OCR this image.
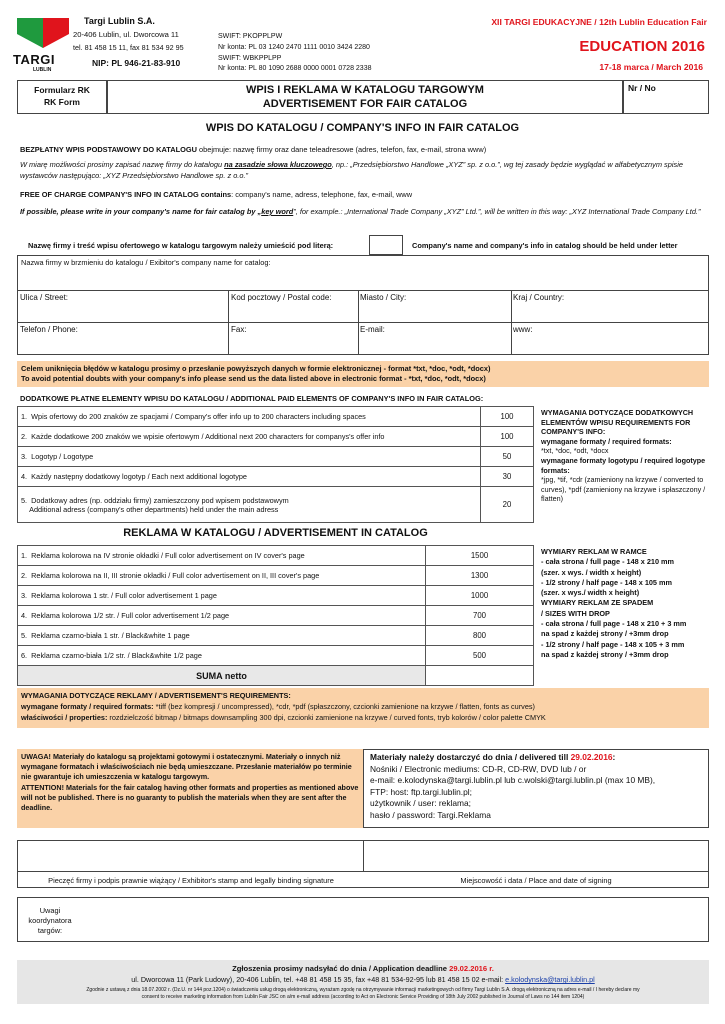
TARGI
LUBLIN
Targi Lublin S.A.
20-406 Lublin, ul. Dworcowa 11
tel. 81 458 15 11, fax 81 534 92 95
NIP: PL 946-21-83-910
SWIFT: PKOPPLPW
Nr konta: PL 03 1240 2470 1111 0010 3424 2280
SWIFT: WBKPPLPP
Nr konta: PL 80 1090 2688 0000 0001 0728 2338
XII TARGI EDUKACYJNE / 12th Lublin Education Fair
EDUCATION 2016
17-18 marca / March 2016
Formularz RK
RK Form
WPIS I REKLAMA W KATALOGU TARGOWYM
ADVERTISEMENT FOR FAIR CATALOG
Nr / No
WPIS DO KATALOGU / COMPANY'S INFO IN FAIR CATALOG
BEZPŁATNY WPIS PODSTAWOWY DO KATALOGU obejmuje: nazwę firmy oraz dane teleadresowe (adres, telefon, fax, e-mail, strona www)
W miarę możliwości prosimy zapisać nazwę firmy do katalogu na zasadzie słowa kluczowego, np.: „Przedsiębiorstwo Handlowe „XYZ” sp. z o.o.”, wg tej zasady będzie wyglądać w alfabetycznym spisie wystawców następująco: „XYZ Przedsiębiorstwo Handlowe sp. z o.o.”
FREE OF CHARGE COMPANY'S INFO IN CATALOG contains: company's name, adress, telephone, fax, e-mail, www
If possible, please write in your company's name for fair catalog by „key word”, for example.: „International Trade Company „XYZ” Ltd.”, will be written in this way: „XYZ International Trade Company Ltd.”
Nazwę firmy i treść wpisu ofertowego w katalogu targowym należy umieścić pod literą:	Company's name and company's info in catalog should be held under letter
Nazwa firmy w brzmieniu do katalogu / Exibitor's company name for catalog:
Ulica / Street:	Kod pocztowy / Postal code:	Miasto / City:	Kraj / Country:
Telefon / Phone:	Fax:	E-mail:	www:
Celem uniknięcia błędów w katalogu prosimy o przesłanie powyższych danych w formie elektronicznej - format *txt, *doc, *odt, *docx)
To avoid potential doubts with your company's info please send us the data listed above in electronic format - *txt, *doc, *odt, *docx)
DODATKOWE PŁATNE ELEMENTY WPISU DO KATALOGU / ADDITIONAL PAID ELEMENTS OF COMPANY'S INFO IN FAIR CATALOG:
1. Wpis ofertowy do 200 znaków ze spacjami / Company's offer info up to 200 characters including spaces	100
2. Każde dodatkowe 200 znaków we wpisie ofertowym / Additional next 200 characters for companys's offer info	100
3. Logotyp / Logotype	50
4. Każdy następny dodatkowy logotyp / Each next additional logotype	30
5. Dodatkowy adres (np. oddziału firmy) zamieszczony pod wpisem podstawowym
Additional adress (company's other departments) held under the main adress	20
WYMAGANIA DOTYCZĄCE DODATKOWYCH ELEMENTÓW WPISU REQUIREMENTS FOR COMPANY'S INFO:
wymagane formaty / required formats:
*txt, *doc, *odt, *docx
wymagane formaty logotypu / required logotype formats:
*jpg, *tif, *cdr (zamieniony na krzywe / converted to curves), *pdf (zamieniony na krzywe i spłaszczony / flatten)
REKLAMA W KATALOGU / ADVERTISEMENT IN CATALOG
1. Reklama kolorowa na IV stronie okładki / Full color advertisement on IV cover's page	1500
2. Reklama kolorowa na II, III stronie okładki / Full color advertisement on II, III cover's page	1300
3. Reklama kolorowa 1 str. / Full color advertisement 1 page	1000
4. Reklama kolorowa 1/2 str. / Full color advertisement 1/2 page	700
5. Reklama czarno-biała 1 str. / Black&white 1 page	800
6. Reklama czarno-biała 1/2 str. / Black&white 1/2 page	500
SUMA netto	
WYMIARY REKLAM W RAMCE
- cała strona / full page - 148 x 210 mm
(szer. x wys. / width x height)
- 1/2 strony / half page - 148 x 105 mm
(szer. x wys./ width x height)
WYMIARY REKLAM ZE SPADEM
/ SIZES WITH DROP
- cała strona / full page - 148 x 210 + 3 mm
na spad z każdej strony / +3mm drop
- 1/2 strony / half page - 148 x 105 + 3 mm
na spad z każdej strony / +3mm drop
WYMAGANIA DOTYCZĄCE REKLAMY / ADVERTISEMENT'S REQUIREMENTS:
wymagane formaty / required formats: *tiff (bez kompresji / uncompressed), *cdr, *pdf (spłaszczony, czcionki zamienione na krzywe / flatten, fonts as curves)
właściwości / properties: rozdzielczość bitmap / bitmaps downsampling 300 dpi, czcionki zamienione na krzywe / curved fonts, tryb kolorów / color palette CMYK
UWAGA! Materiały do katalogu są projektami gotowymi i ostatecznymi. Materiały o innych niż wymagane formatach i właściwościach nie będą umieszczane. Przesłanie materiałów po terminie nie gwarantuje ich umieszczenia w katalogu targowym.
ATTENTION! Materials for the fair catalog having other formats and properties as mentioned above will not be published. There is no guaranty to publish the materials when they are sent after the deadline.
Materiały należy dostarczyć do dnia / delivered till 29.02.2016:
Nośniki / Electronic mediums: CD-R, CD-RW, DVD lub / or
e-mail: e.kolodynska@targi.lublin.pl lub c.wolski@targi.lublin.pl (max 10 MB),
FTP: host: ftp.targi.lublin.pl;
użytkownik / user: reklama;
hasło / password: Targi.Reklama
Pieczęć firmy i podpis prawnie wiążący / Exhibitor's stamp and legally binding signature	Miejscowość i data / Place and date of signing
Uwagi koordynatora targów:
Zgłoszenia prosimy nadsyłać do dnia / Application deadline 29.02.2016 r.
ul. Dworcowa 11 (Park Ludowy), 20-406 Lublin, tel. +48 81 458 15 35, fax +48 81 534-92-95 lub 81 458 15 02 e-mail: e.kolodynska@targi.lublin.pl
Zgodnie z ustawą z dnia 18.07.2002 r. (Dz.U. nr 144 poz.1204) o świadczeniu usług drogą elektroniczną, wyrażam zgodę na otrzymywanie informacji marketingowych od firmy Targi Lublin S.A. drogą elektroniczną na adres e-mail / I hereby declare my
consent to receive marketing information from Lublin Fair JSC on a/m e-mail address (according to Act on Electronic Service Providing of 18th July 2002 published in Journal of Laws no 144 item 1204)
